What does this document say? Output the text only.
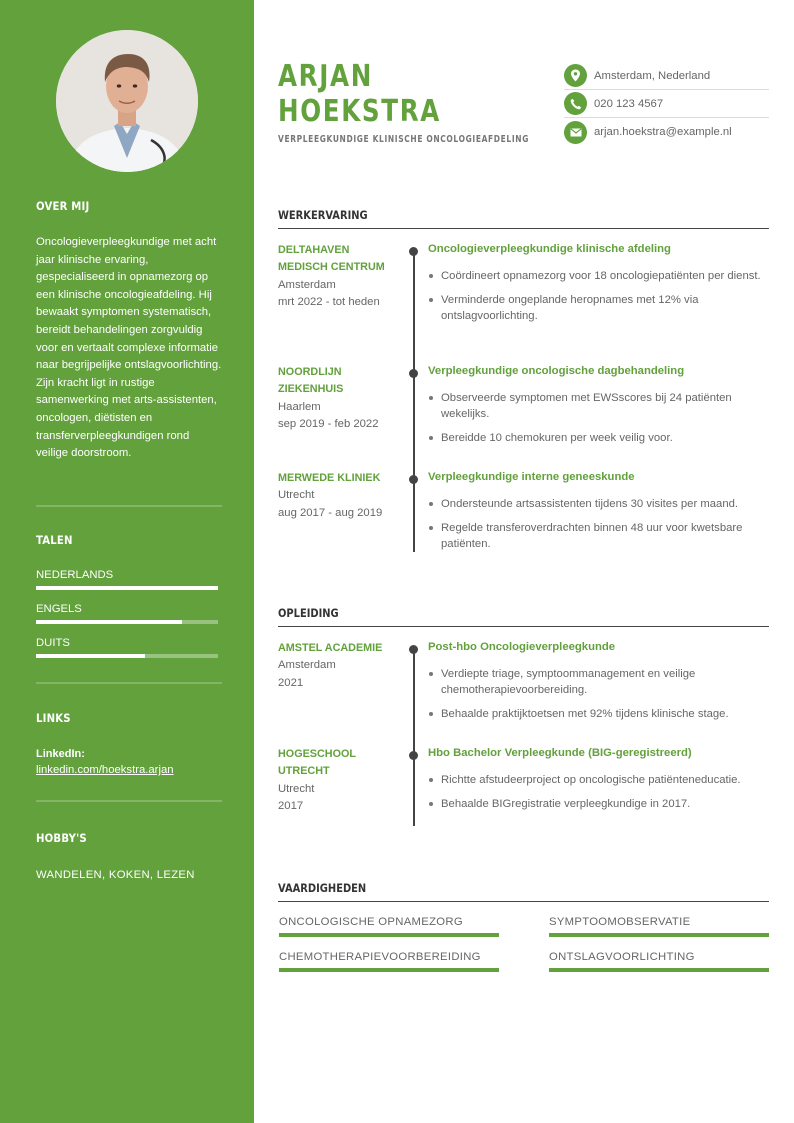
OVER MIJ
Oncologieverpleegkundige met acht jaar klinische ervaring, gespecialiseerd in opnamezorg op een klinische oncologieafdeling. Hij bewaakt symptomen systematisch, bereidt behandelingen zorgvuldig voor en vertaalt complexe informatie naar begrijpelijke ontslagvoorlichting. Zijn kracht ligt in rustige samenwerking met arts-assistenten, oncologen, diëtisten en transferverpleegkundigen rond veilige doorstroom.
TALEN
NEDERLANDS
ENGELS
DUITS
LINKS
LinkedIn:
linkedin.com/hoekstra.arjan
HOBBY'S
WANDELEN, KOKEN, LEZEN
ARJAN
HOEKSTRA
VERPLEEGKUNDIGE KLINISCHE ONCOLOGIEAFDELING
Amsterdam, Nederland
020 123 4567
arjan.hoekstra@example.nl
WERKERVARING
DELTAHAVEN MEDISCH CENTRUM
Amsterdam
mrt 2022 - tot heden
Oncologieverpleegkundige klinische afdeling
Coördineert opnamezorg voor 18 oncologiepatiënten per dienst.
Verminderde ongeplande heropnames met 12% via ontslagvoorlichting.
NOORDLIJN ZIEKENHUIS
Haarlem
sep 2019 - feb 2022
Verpleegkundige oncologische dagbehandeling
Observeerde symptomen met EWSscores bij 24 patiënten wekelijks.
Bereidde 10 chemokuren per week veilig voor.
MERWEDE KLINIEK
Utrecht
aug 2017 - aug 2019
Verpleegkundige interne geneeskunde
Ondersteunde artsassistenten tijdens 30 visites per maand.
Regelde transferoverdrachten binnen 48 uur voor kwetsbare patiënten.
OPLEIDING
AMSTEL ACADEMIE
Amsterdam
2021
Post-hbo Oncologieverpleegkunde
Verdiepte triage, symptoommanagement en veilige chemotherapievoorbereiding.
Behaalde praktijktoetsen met 92% tijdens klinische stage.
HOGESCHOOL UTRECHT
Utrecht
2017
Hbo Bachelor Verpleegkunde (BIG-geregistreerd)
Richtte afstudeerproject op oncologische patiënteneducatie.
Behaalde BIGregistratie verpleegkundige in 2017.
VAARDIGHEDEN
ONCOLOGISCHE OPNAMEZORG	SYMPTOOMOBSERVATIE
CHEMOTHERAPIEVOORBEREIDING	ONTSLAGVOORLICHTING
